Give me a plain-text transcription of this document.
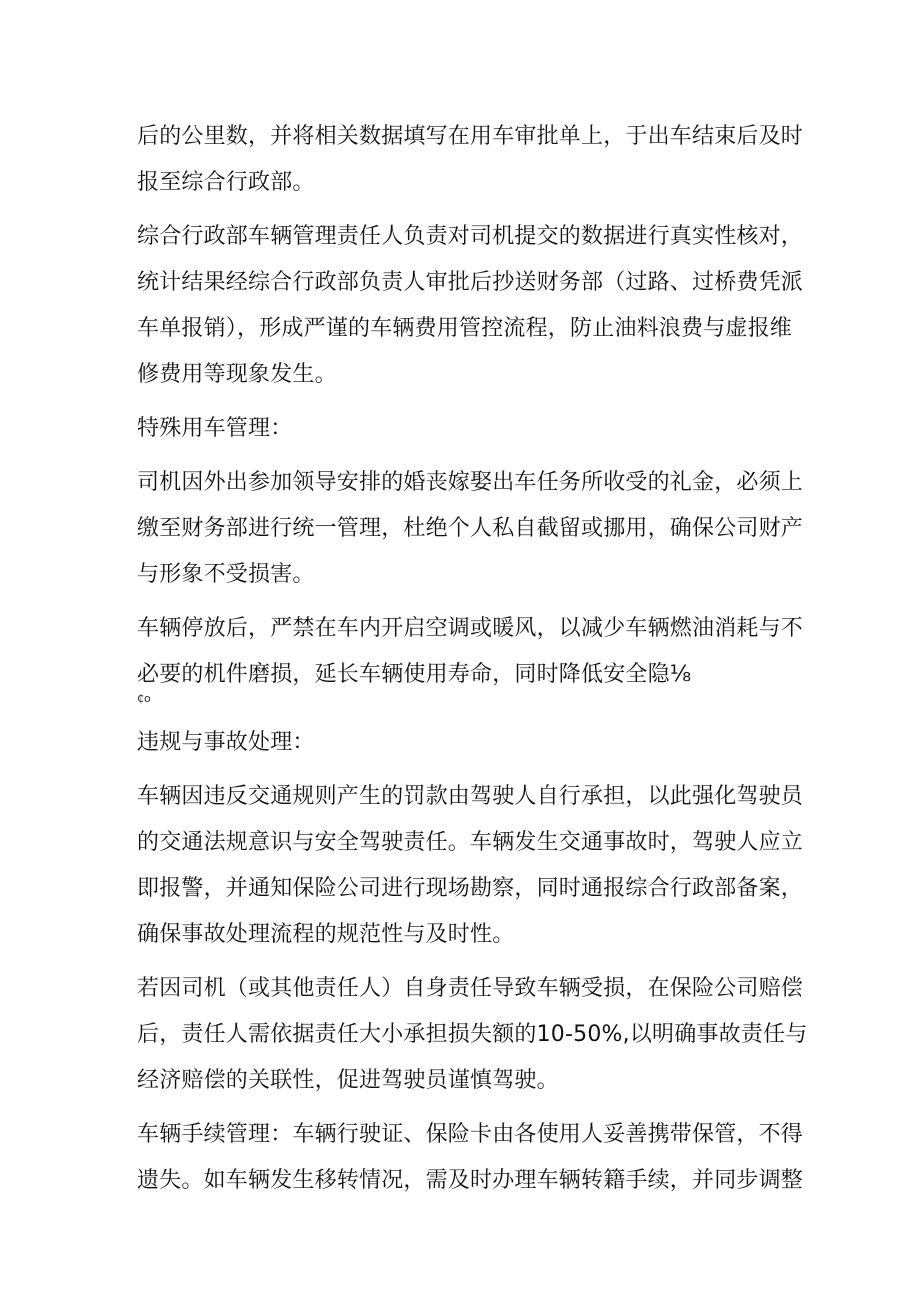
后的公里数，并将相关数据填写在用车审批单上，于出车结束后及时
报至综合行政部。

综合行政部车辆管理责任人负责对司机提交的数据进行真实性核对，
统计结果经综合行政部负责人审批后抄送财务部（过路、过桥费凭派
车单报销），形成严谨的车辆费用管控流程，防止油料浪费与虚报维
修费用等现象发生。

特殊用车管理：

司机因外出参加领导安排的婚丧嫁娶出车任务所收受的礼金，必须上
缴至财务部进行统一管理，杜绝个人私自截留或挪用，确保公司财产
与形象不受损害。

车辆停放后，严禁在车内开启空调或暖风，以减少车辆燃油消耗与不
必要的机件磨损，延长车辆使用寿命，同时降低安全隐⅛

₵o

违规与事故处理：

车辆因违反交通规则产生的罚款由驾驶人自行承担，以此强化驾驶员
的交通法规意识与安全驾驶责任。车辆发生交通事故时，驾驶人应立
即报警，并通知保险公司进行现场勘察，同时通报综合行政部备案，
确保事故处理流程的规范性与及时性。

若因司机（或其他责任人）自身责任导致车辆受损，在保险公司赔偿
后，责任人需依据责任大小承担损失额的10-50%,以明确事故责任与
经济赔偿的关联性，促进驾驶员谨慎驾驶。

车辆手续管理：车辆行驶证、保险卡由各使用人妥善携带保管，不得
遗失。如车辆发生移转情况，需及时办理车辆转籍手续，并同步调整
